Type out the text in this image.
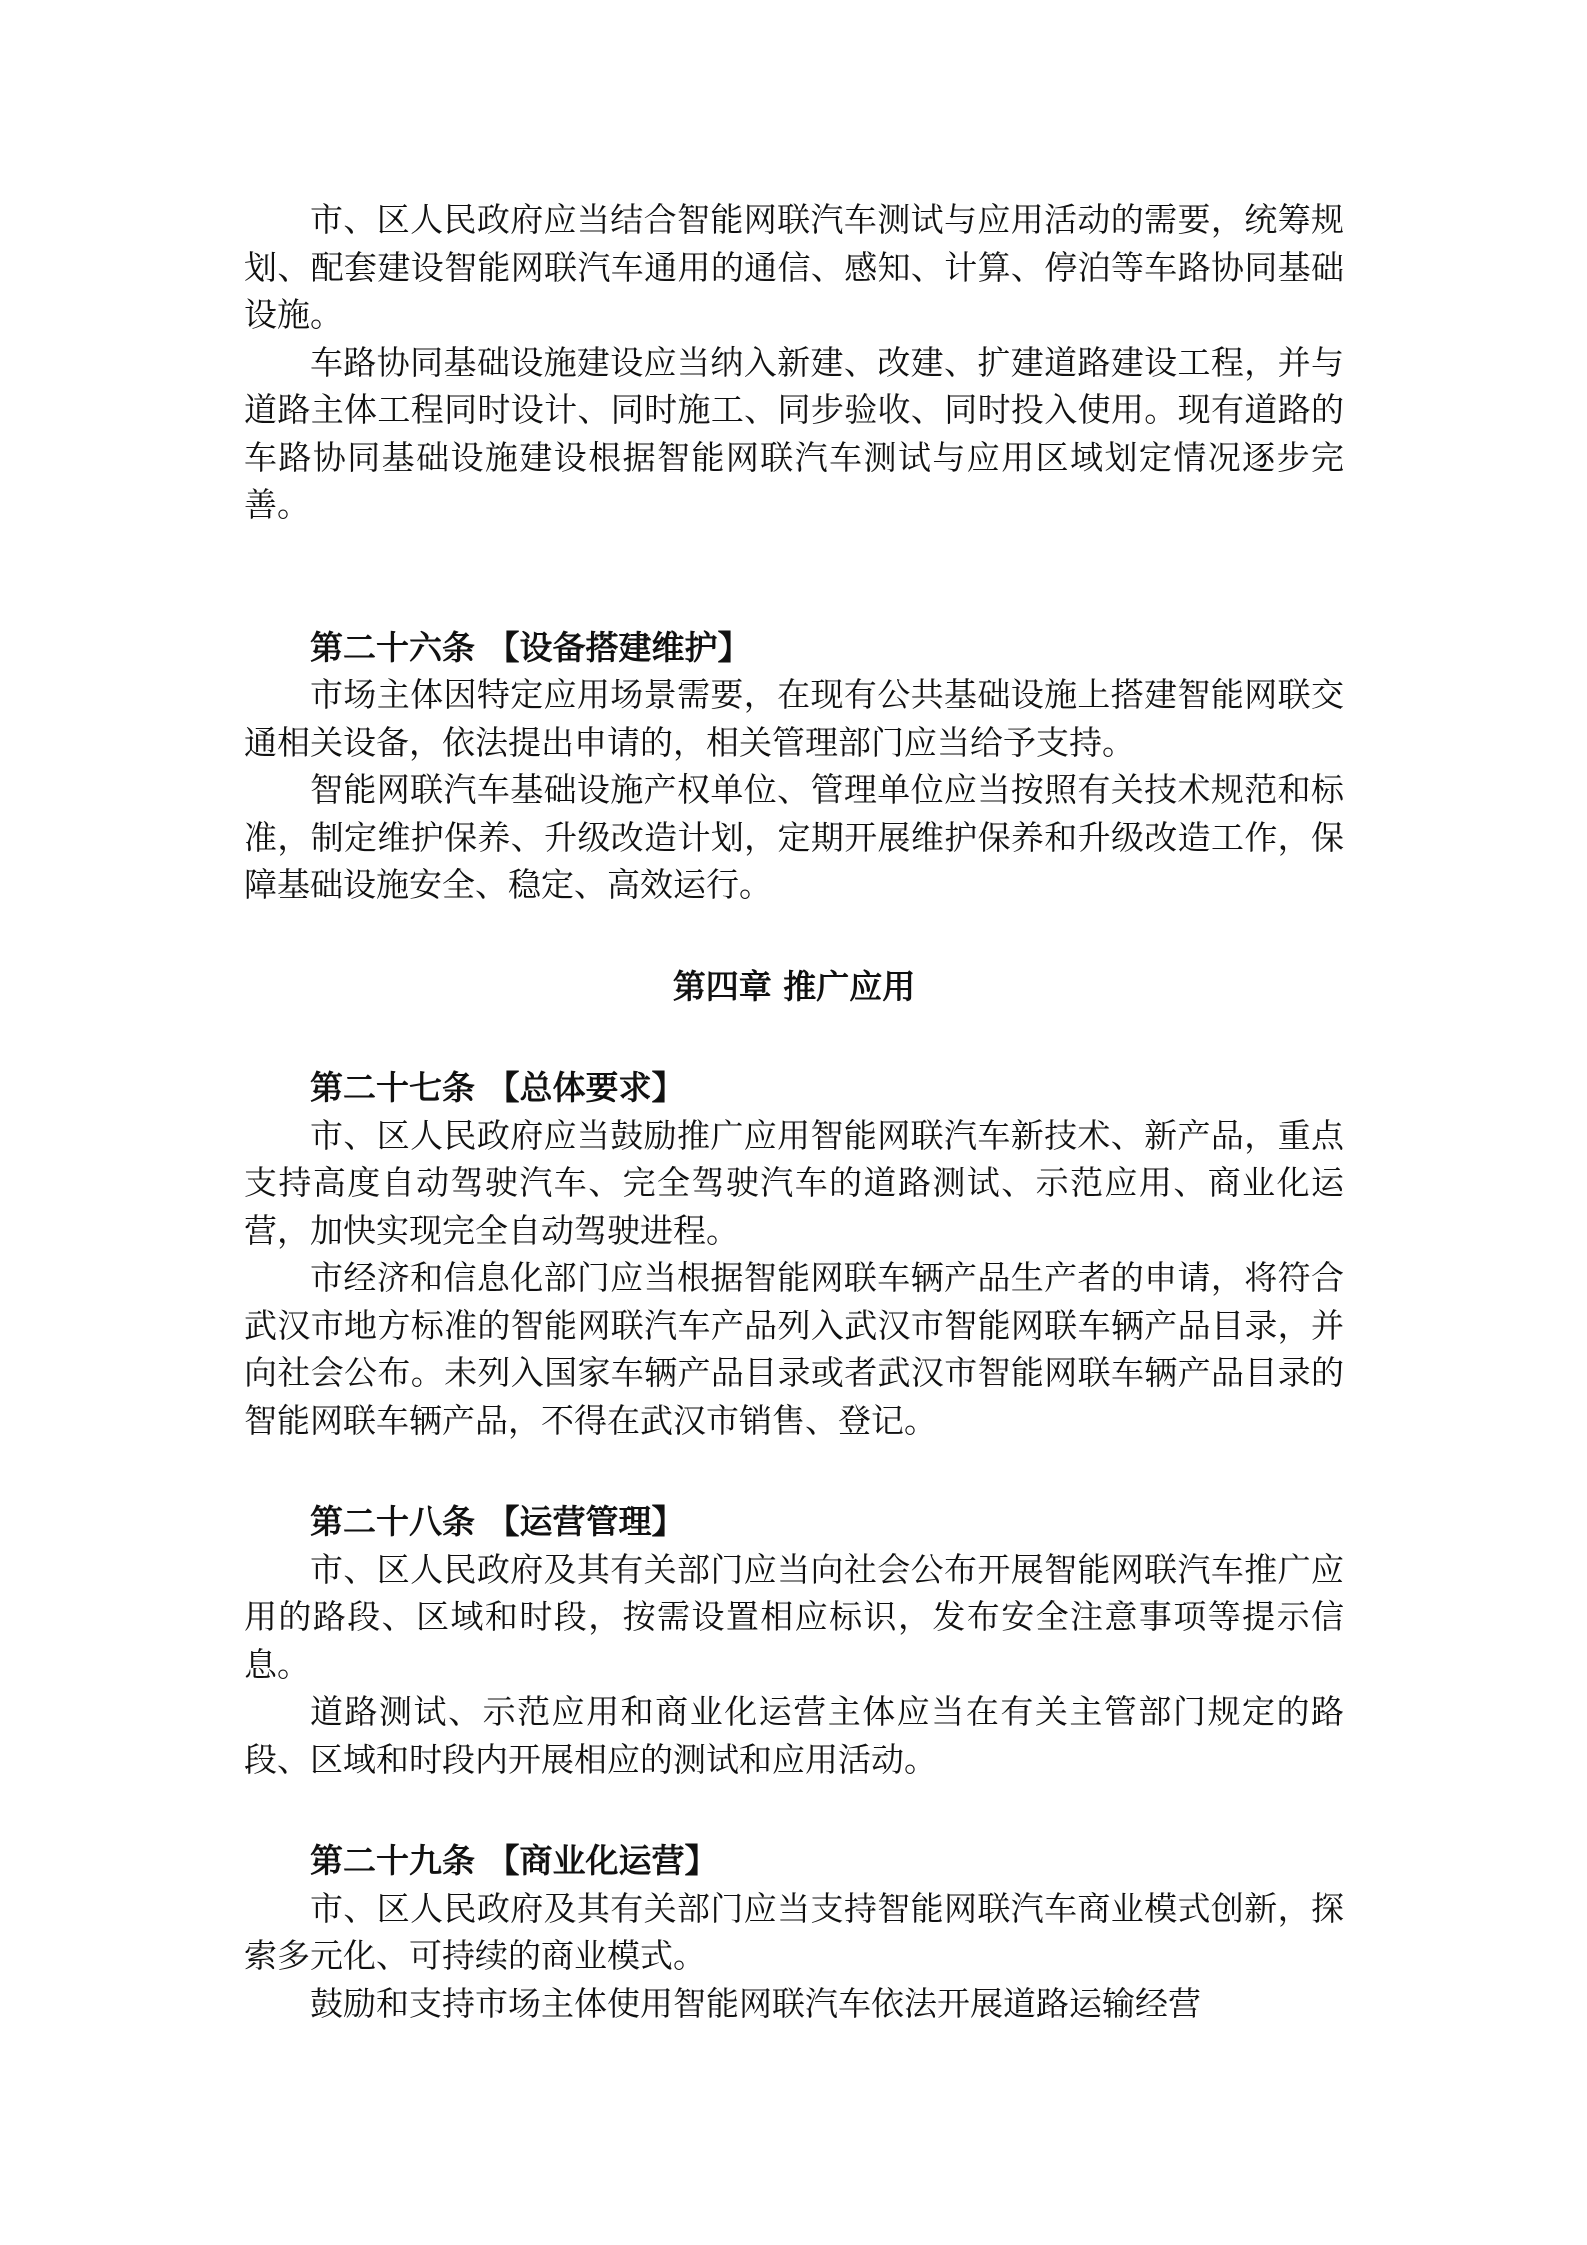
市、区人民政府应当结合智能网联汽车测试与应用活动的需要，统筹规划、配套建设智能网联汽车通用的通信、感知、计算、停泊等车路协同基础设施。

车路协同基础设施建设应当纳入新建、改建、扩建道路建设工程，并与道路主体工程同时设计、同时施工、同步验收、同时投入使用。现有道路的车路协同基础设施建设根据智能网联汽车测试与应用区域划定情况逐步完善。

第二十六条 【设备搭建维护】

市场主体因特定应用场景需要，在现有公共基础设施上搭建智能网联交通相关设备，依法提出申请的，相关管理部门应当给予支持。

智能网联汽车基础设施产权单位、管理单位应当按照有关技术规范和标准，制定维护保养、升级改造计划，定期开展维护保养和升级改造工作，保障基础设施安全、稳定、高效运行。

第四章 推广应用

第二十七条 【总体要求】

市、区人民政府应当鼓励推广应用智能网联汽车新技术、新产品，重点支持高度自动驾驶汽车、完全驾驶汽车的道路测试、示范应用、商业化运营，加快实现完全自动驾驶进程。

市经济和信息化部门应当根据智能网联车辆产品生产者的申请，将符合武汉市地方标准的智能网联汽车产品列入武汉市智能网联车辆产品目录，并向社会公布。未列入国家车辆产品目录或者武汉市智能网联车辆产品目录的智能网联车辆产品，不得在武汉市销售、登记。

第二十八条 【运营管理】

市、区人民政府及其有关部门应当向社会公布开展智能网联汽车推广应用的路段、区域和时段，按需设置相应标识，发布安全注意事项等提示信息。

道路测试、示范应用和商业化运营主体应当在有关主管部门规定的路段、区域和时段内开展相应的测试和应用活动。

第二十九条 【商业化运营】

市、区人民政府及其有关部门应当支持智能网联汽车商业模式创新，探索多元化、可持续的商业模式。

鼓励和支持市场主体使用智能网联汽车依法开展道路运输经营
